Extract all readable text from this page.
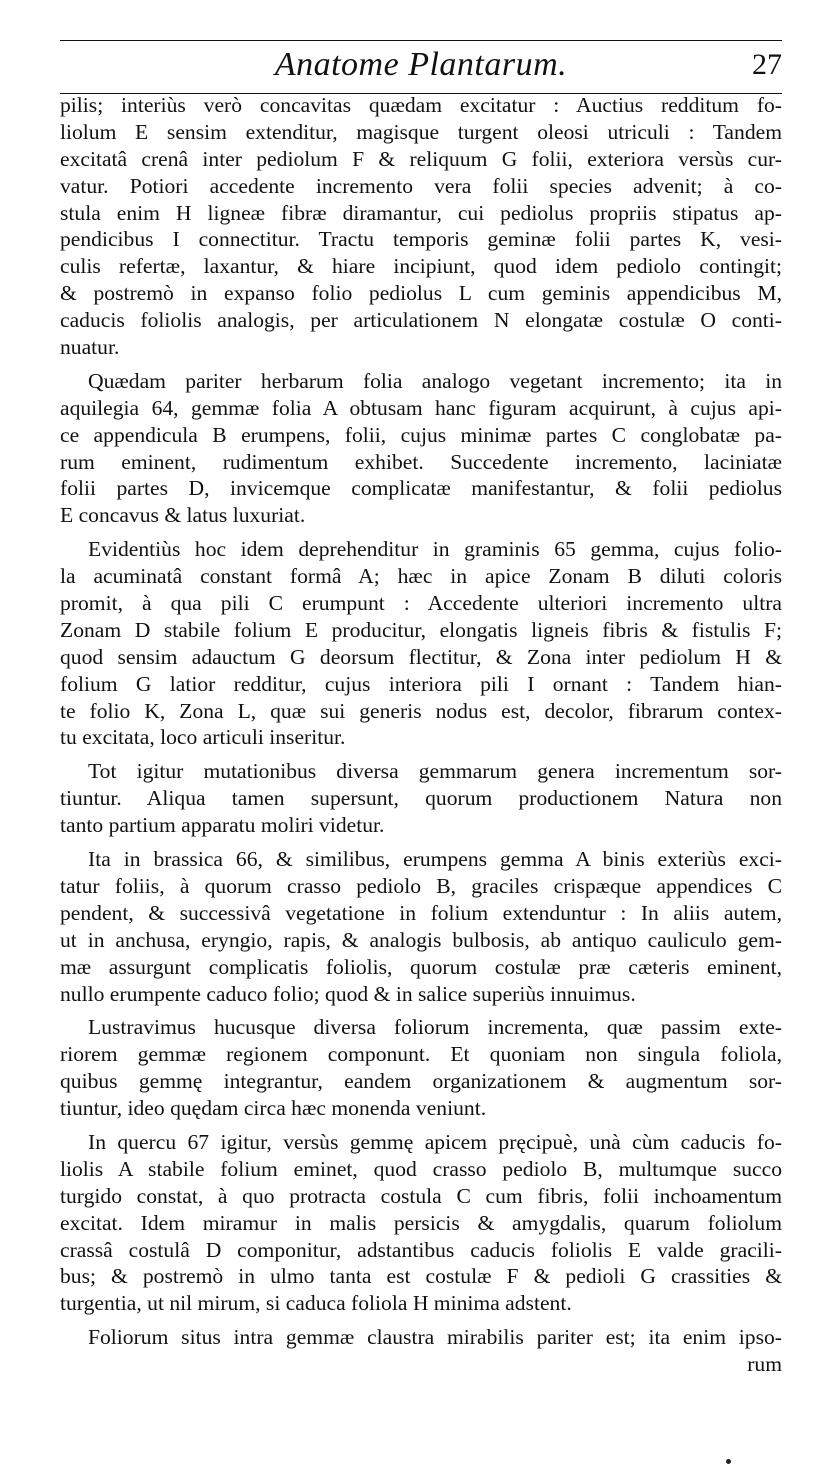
Anatome Plantarum.	27
pilis; interiùs verò concavitas quædam excitatur : Auctius redditum fo-
liolum E sensim extenditur, magisque turgent oleosi utriculi : Tandem
excitatâ crenâ inter pediolum F & reliquum G folii, exteriora versùs cur-
vatur. Potiori accedente incremento vera folii species advenit; à co-
stula enim H ligneæ fibræ diramantur, cui pediolus propriis stipatus ap-
pendicibus I connectitur. Tractu temporis geminæ folii partes K, vesi-
culis refertæ, laxantur, & hiare incipiunt, quod idem pediolo contingit;
& postremò in expanso folio pediolus L cum geminis appendicibus M,
caducis foliolis analogis, per articulationem N elongatæ costulæ O conti-
nuatur.
Quædam pariter herbarum folia analogo vegetant incremento; ita in
aquilegia 64, gemmæ folia A obtusam hanc figuram acquirunt, à cujus api-
ce appendicula B erumpens, folii, cujus minimæ partes C conglobatæ pa-
rum eminent, rudimentum exhibet. Succedente incremento, laciniatæ
folii partes D, invicemque complicatæ manifestantur, & folii pediolus
E concavus & latus luxuriat.
Evidentiùs hoc idem deprehenditur in graminis 65 gemma, cujus folio-
la acuminatâ constant formâ A; hæc in apice Zonam B diluti coloris
promit, à qua pili C erumpunt : Accedente ulteriori incremento ultra
Zonam D stabile folium E producitur, elongatis ligneis fibris & fistulis F;
quod sensim adauctum G deorsum flectitur, & Zona inter pediolum H &
folium G latior redditur, cujus interiora pili I ornant : Tandem hian-
te folio K, Zona L, quæ sui generis nodus est, decolor, fibrarum contex-
tu excitata, loco articuli inseritur.
Tot igitur mutationibus diversa gemmarum genera incrementum sor-
tiuntur. Aliqua tamen supersunt, quorum productionem Natura non
tanto partium apparatu moliri videtur.
Ita in brassica 66, & similibus, erumpens gemma A binis exteriùs exci-
tatur foliis, à quorum crasso pediolo B, graciles crispæque appendices C
pendent, & successivâ vegetatione in folium extenduntur : In aliis autem,
ut in anchusa, eryngio, rapis, & analogis bulbosis, ab antiquo cauliculo gem-
mæ assurgunt complicatis foliolis, quorum costulæ præ cæteris eminent,
nullo erumpente caduco folio; quod & in salice superiùs innuimus.
Lustravimus hucusque diversa foliorum incrementa, quæ passim exte-
riorem gemmæ regionem componunt. Et quoniam non singula foliola,
quibus gemmę integrantur, eandem organizationem & augmentum sor-
tiuntur, ideo quędam circa hæc monenda veniunt.
In quercu 67 igitur, versùs gemmę apicem pręcipuè, unà cùm caducis fo-
liolis A stabile folium eminet, quod crasso pediolo B, multumque succo
turgido constat, à quo protracta costula C cum fibris, folii inchoamentum
excitat. Idem miramur in malis persicis & amygdalis, quarum foliolum
crassâ costulâ D componitur, adstantibus caducis foliolis E valde gracili-
bus; & postremò in ulmo tanta est costulæ F & pedioli G crassities &
turgentia, ut nil mirum, si caduca foliola H minima adstent.
Foliorum situs intra gemmæ claustra mirabilis pariter est; ita enim ipso-
rum
